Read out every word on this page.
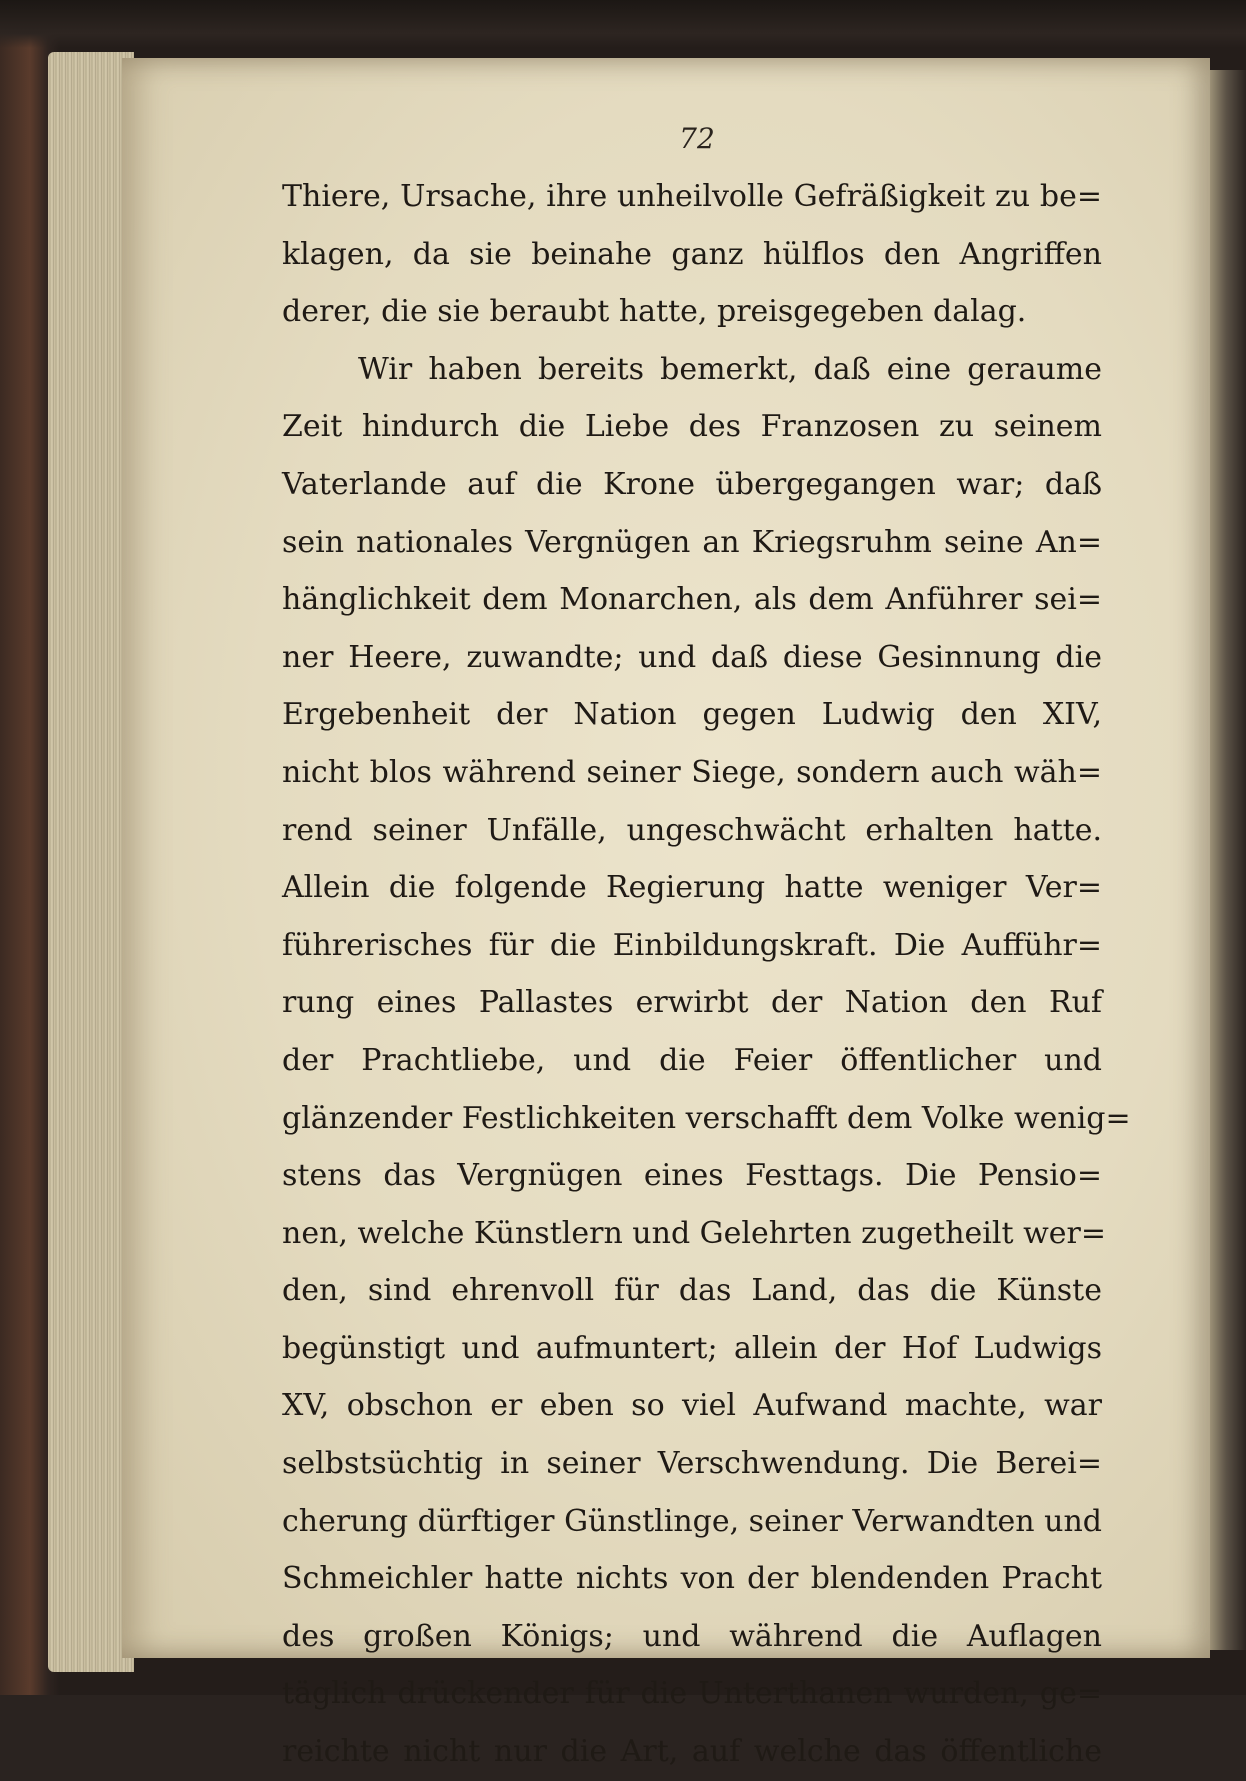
72
Thiere, Ursache, ihre unheilvolle Gefräßigkeit zu be=
klagen, da sie beinahe ganz hülflos den Angriffen
derer, die sie beraubt hatte, preisgegeben dalag.
Wir haben bereits bemerkt, daß eine geraume
Zeit hindurch die Liebe des Franzosen zu seinem
Vaterlande auf die Krone übergegangen war; daß
sein nationales Vergnügen an Kriegsruhm seine An=
hänglichkeit dem Monarchen, als dem Anführer sei=
ner Heere, zuwandte; und daß diese Gesinnung die
Ergebenheit der Nation gegen Ludwig den XIV,
nicht blos während seiner Siege, sondern auch wäh=
rend seiner Unfälle, ungeschwächt erhalten hatte.
Allein die folgende Regierung hatte weniger Ver=
führerisches für die Einbildungskraft. Die Aufführ=
rung eines Pallastes erwirbt der Nation den Ruf
der Prachtliebe, und die Feier öffentlicher und
glänzender Festlichkeiten verschafft dem Volke wenig=
stens das Vergnügen eines Festtags. Die Pensio=
nen, welche Künstlern und Gelehrten zugetheilt wer=
den, sind ehrenvoll für das Land, das die Künste
begünstigt und aufmuntert; allein der Hof Ludwigs
XV, obschon er eben so viel Aufwand machte, war
selbstsüchtig in seiner Verschwendung. Die Berei=
cherung dürftiger Günstlinge, seiner Verwandten und
Schmeichler hatte nichts von der blendenden Pracht
des großen Königs; und während die Auflagen
täglich drückender für die Unterthanen wurden, ge=
reichte nicht nur die Art, auf welche das öffentliche
